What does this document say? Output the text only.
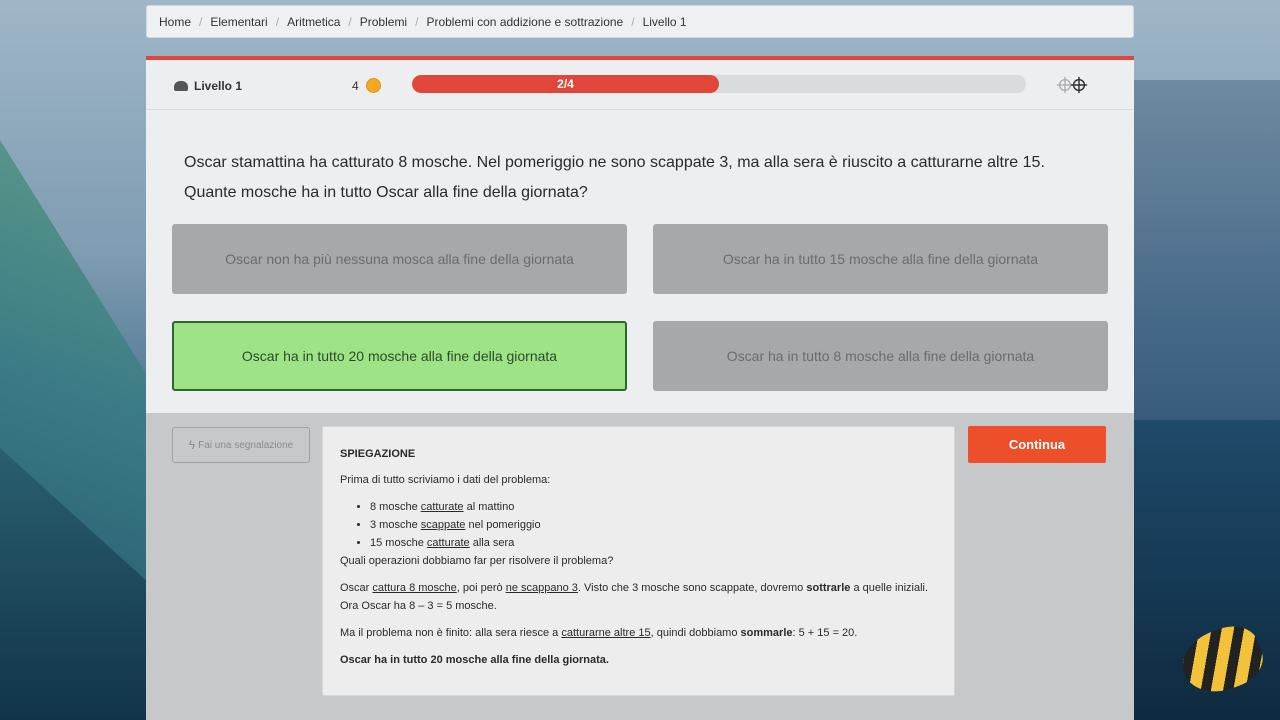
Home / Elementari / Aritmetica / Problemi / Problemi con addizione e sottrazione / Livello 1
Livello 1	4	2/4
Oscar stamattina ha catturato 8 mosche. Nel pomeriggio ne sono scappate 3, ma alla sera è riuscito a catturarne altre 15.
Quante mosche ha in tutto Oscar alla fine della giornata?
Oscar non ha più nessuna mosca alla fine della giornata	Oscar ha in tutto 15 mosche alla fine della giornata
Oscar ha in tutto 20 mosche alla fine della giornata	Oscar ha in tutto 8 mosche alla fine della giornata
ϟ Fai una segnalazione
SPIEGAZIONE

Prima di tutto scriviamo i dati del problema:

• 8 mosche catturate al mattino
• 3 mosche scappate nel pomeriggio
• 15 mosche catturate alla sera
Quali operazioni dobbiamo far per risolvere il problema?

Oscar cattura 8 mosche, poi però ne scappano 3. Visto che 3 mosche sono scappate, dovremo sottrarle a quelle iniziali. Ora Oscar ha 8 – 3 = 5 mosche.

Ma il problema non è finito: alla sera riesce a catturarne altre 15, quindi dobbiamo sommarle: 5 + 15 = 20.

Oscar ha in tutto 20 mosche alla fine della giornata.

Continua
